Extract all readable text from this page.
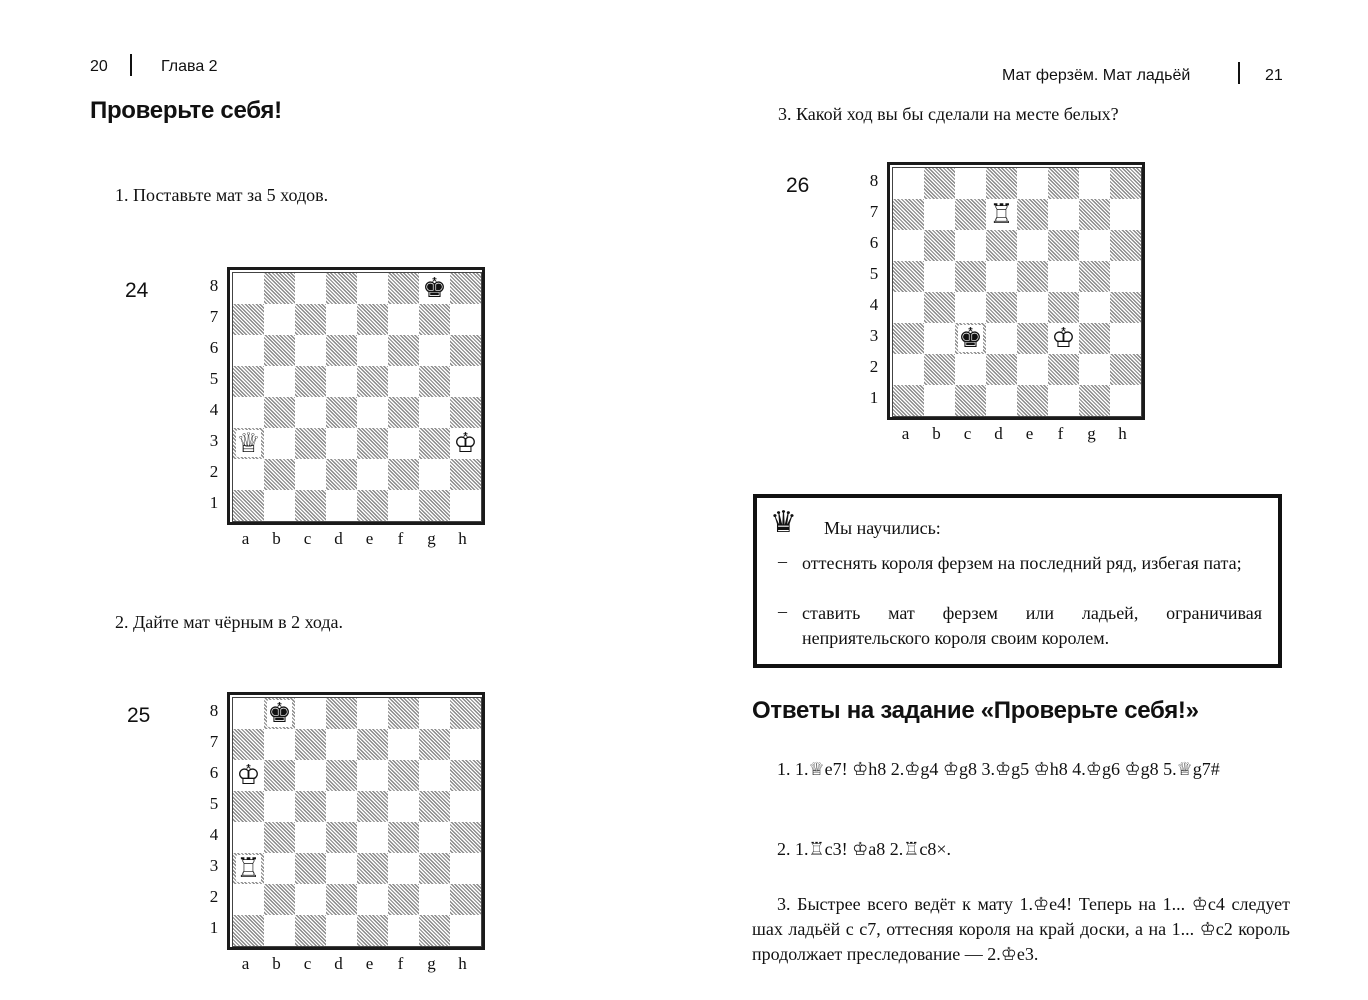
20	Глава 2
Проверьте себя!
1. Поставьте мат за 5 ходов.
24
2. Дайте мат чёрным в 2 хода.
25
♚
♕	♔
8
7
6
5
4
3
2
1
a	b	c	d	e	f	g	h
♚
♔
♖
8
7
6
5
4
3
2
1
a	b	c	d	e	f	g	h
Мат ферзём. Мат ладьёй	21
3. Какой ход вы бы сделали на месте белых?
26
♛ Мы научились:

– оттеснять короля ферзем на последний ряд, избегая пата;

– ставить мат ферзем или ладьей, ограничивая неприятельского короля своим королем.

Ответы на задание «Проверьте себя!»
1. 1.♕e7! ♔h8 2.♔g4 ♔g8 3.♔g5 ♔h8 4.♔g6 ♔g8 5.♕g7#
2. 1.♖c3! ♔a8 2.♖c8×.
3. Быстрее всего ведёт к мату 1.♔e4! Теперь на 1... ♔c4 следует шах ладьёй с c7, оттесняя короля на край доски, а на 1... ♔c2 король продолжает преследование — 2.♔e3.
♖
♚	♔
8
7
6
5
4
3
2
1
a	b	c	d	e	f	g	h
